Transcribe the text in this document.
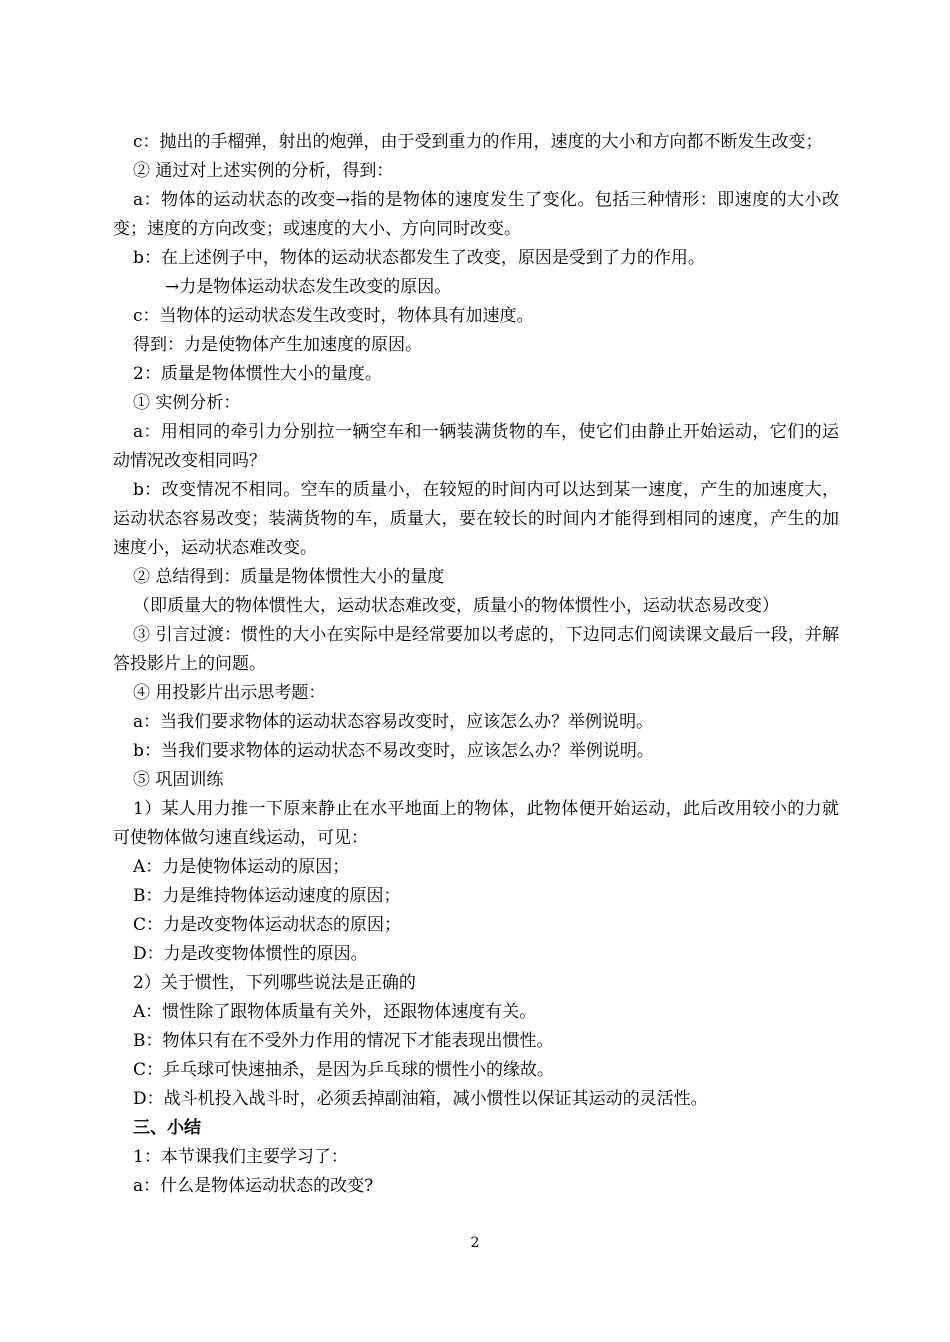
c：抛出的手榴弹，射出的炮弹，由于受到重力的作用，速度的大小和方向都不断发生改变；

② 通过对上述实例的分析，得到：

a：物体的运动状态的改变→指的是物体的速度发生了变化。包括三种情形：即速度的大小改变；速度的方向改变；或速度的大小、方向同时改变。

b：在上述例子中，物体的运动状态都发生了改变，原因是受到了力的作用。

→力是物体运动状态发生改变的原因。

c：当物体的运动状态发生改变时，物体具有加速度。

得到：力是使物体产生加速度的原因。

2：质量是物体惯性大小的量度。

① 实例分析：

a：用相同的牵引力分别拉一辆空车和一辆装满货物的车，使它们由静止开始运动，它们的运动情况改变相同吗？

b：改变情况不相同。空车的质量小，在较短的时间内可以达到某一速度，产生的加速度大，运动状态容易改变；装满货物的车，质量大，要在较长的时间内才能得到相同的速度，产生的加速度小，运动状态难改变。

② 总结得到：质量是物体惯性大小的量度

（即质量大的物体惯性大，运动状态难改变，质量小的物体惯性小，运动状态易改变）

③ 引言过渡：惯性的大小在实际中是经常要加以考虑的，下边同志们阅读课文最后一段，并解答投影片上的问题。

④ 用投影片出示思考题：

a：当我们要求物体的运动状态容易改变时，应该怎么办？举例说明。

b：当我们要求物体的运动状态不易改变时，应该怎么办？举例说明。

⑤ 巩固训练

1）某人用力推一下原来静止在水平地面上的物体，此物体便开始运动，此后改用较小的力就可使物体做匀速直线运动，可见：

A：力是使物体运动的原因；

B：力是维持物体运动速度的原因；

C：力是改变物体运动状态的原因；

D：力是改变物体惯性的原因。

2）关于惯性，下列哪些说法是正确的

A：惯性除了跟物体质量有关外，还跟物体速度有关。

B：物体只有在不受外力作用的情况下才能表现出惯性。

C：乒乓球可快速抽杀，是因为乒乓球的惯性小的缘故。

D：战斗机投入战斗时，必须丢掉副油箱，减小惯性以保证其运动的灵活性。

三、小结

1：本节课我们主要学习了：

a：什么是物体运动状态的改变?

2
